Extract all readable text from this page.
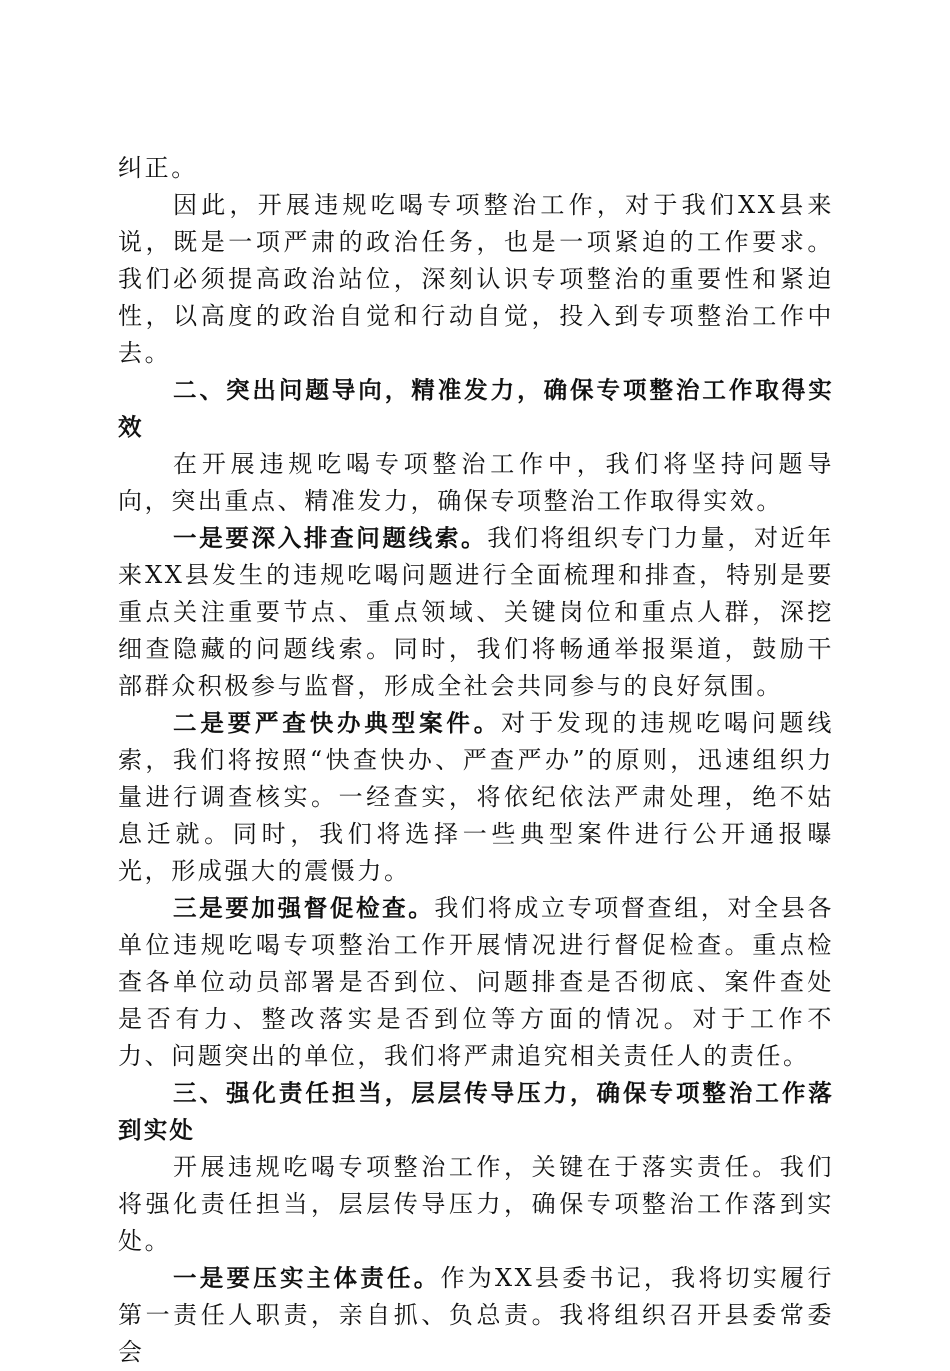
纠正。

因此，开展违规吃喝专项整治工作，对于我们XX县来说，既是一项严肃的政治任务，也是一项紧迫的工作要求。我们必须提高政治站位，深刻认识专项整治的重要性和紧迫性，以高度的政治自觉和行动自觉，投入到专项整治工作中去。

二、突出问题导向，精准发力，确保专项整治工作取得实效

在开展违规吃喝专项整治工作中，我们将坚持问题导向，突出重点、精准发力，确保专项整治工作取得实效。

一是要深入排查问题线索。我们将组织专门力量，对近年来XX县发生的违规吃喝问题进行全面梳理和排查，特别是要重点关注重要节点、重点领域、关键岗位和重点人群，深挖细查隐藏的问题线索。同时，我们将畅通举报渠道，鼓励干部群众积极参与监督，形成全社会共同参与的良好氛围。

二是要严查快办典型案件。对于发现的违规吃喝问题线索，我们将按照“快查快办、严查严办”的原则，迅速组织力量进行调查核实。一经查实，将依纪依法严肃处理，绝不姑息迁就。同时，我们将选择一些典型案件进行公开通报曝光，形成强大的震慑力。

三是要加强督促检查。我们将成立专项督查组，对全县各单位违规吃喝专项整治工作开展情况进行督促检查。重点检查各单位动员部署是否到位、问题排查是否彻底、案件查处是否有力、整改落实是否到位等方面的情况。对于工作不力、问题突出的单位，我们将严肃追究相关责任人的责任。

三、强化责任担当，层层传导压力，确保专项整治工作落到实处

开展违规吃喝专项整治工作，关键在于落实责任。我们将强化责任担当，层层传导压力，确保专项整治工作落到实处。

一是要压实主体责任。作为XX县委书记，我将切实履行第一责任人职责，亲自抓、负总责。我将组织召开县委常委会
